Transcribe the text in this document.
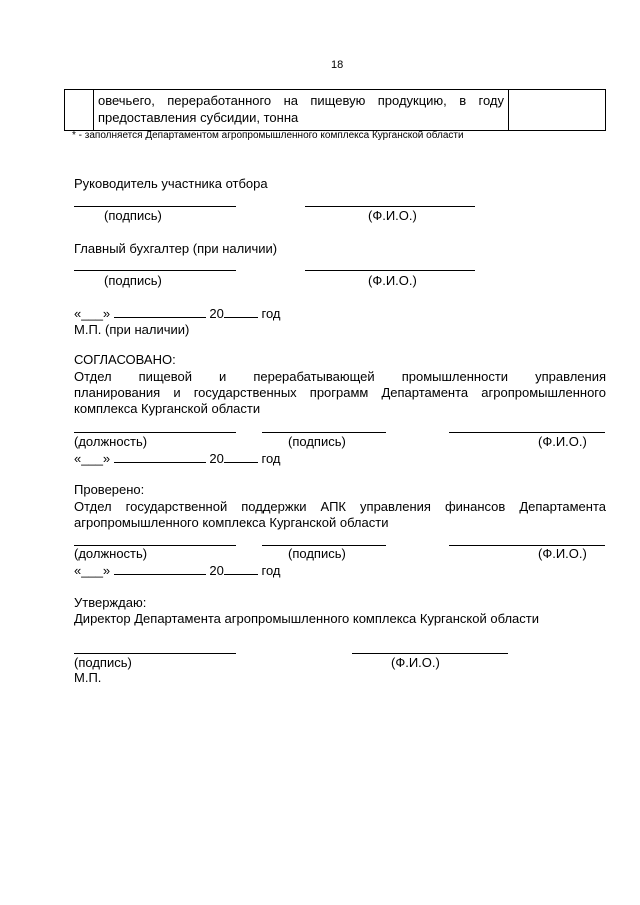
18

овечьего, переработанного на пищевую продукцию, в году
предоставления субсидии, тонна	
* - заполняется Департаментом агропромышленного комплекса Курганской области
Руководитель участника отбора
(подпись)	(Ф.И.О.)
Главный бухгалтер (при наличии)
(подпись)	(Ф.И.О.)
«___»	20	год
М.П. (при наличии)
СОГЛАСОВАНО:
Отдел пищевой и перерабатывающей промышленности управления
планирования и государственных программ Департамента агропромышленного
комплекса Курганской области
(должность)	(подпись)	(Ф.И.О.)
«___»	20	год
Проверено:
Отдел государственной поддержки АПК управления финансов Департамента
агропромышленного комплекса Курганской области
(должность)	(подпись)	(Ф.И.О.)
«___»	20	год
Утверждаю:
Директор Департамента агропромышленного комплекса Курганской области
(подпись)	(Ф.И.О.)
М.П.
